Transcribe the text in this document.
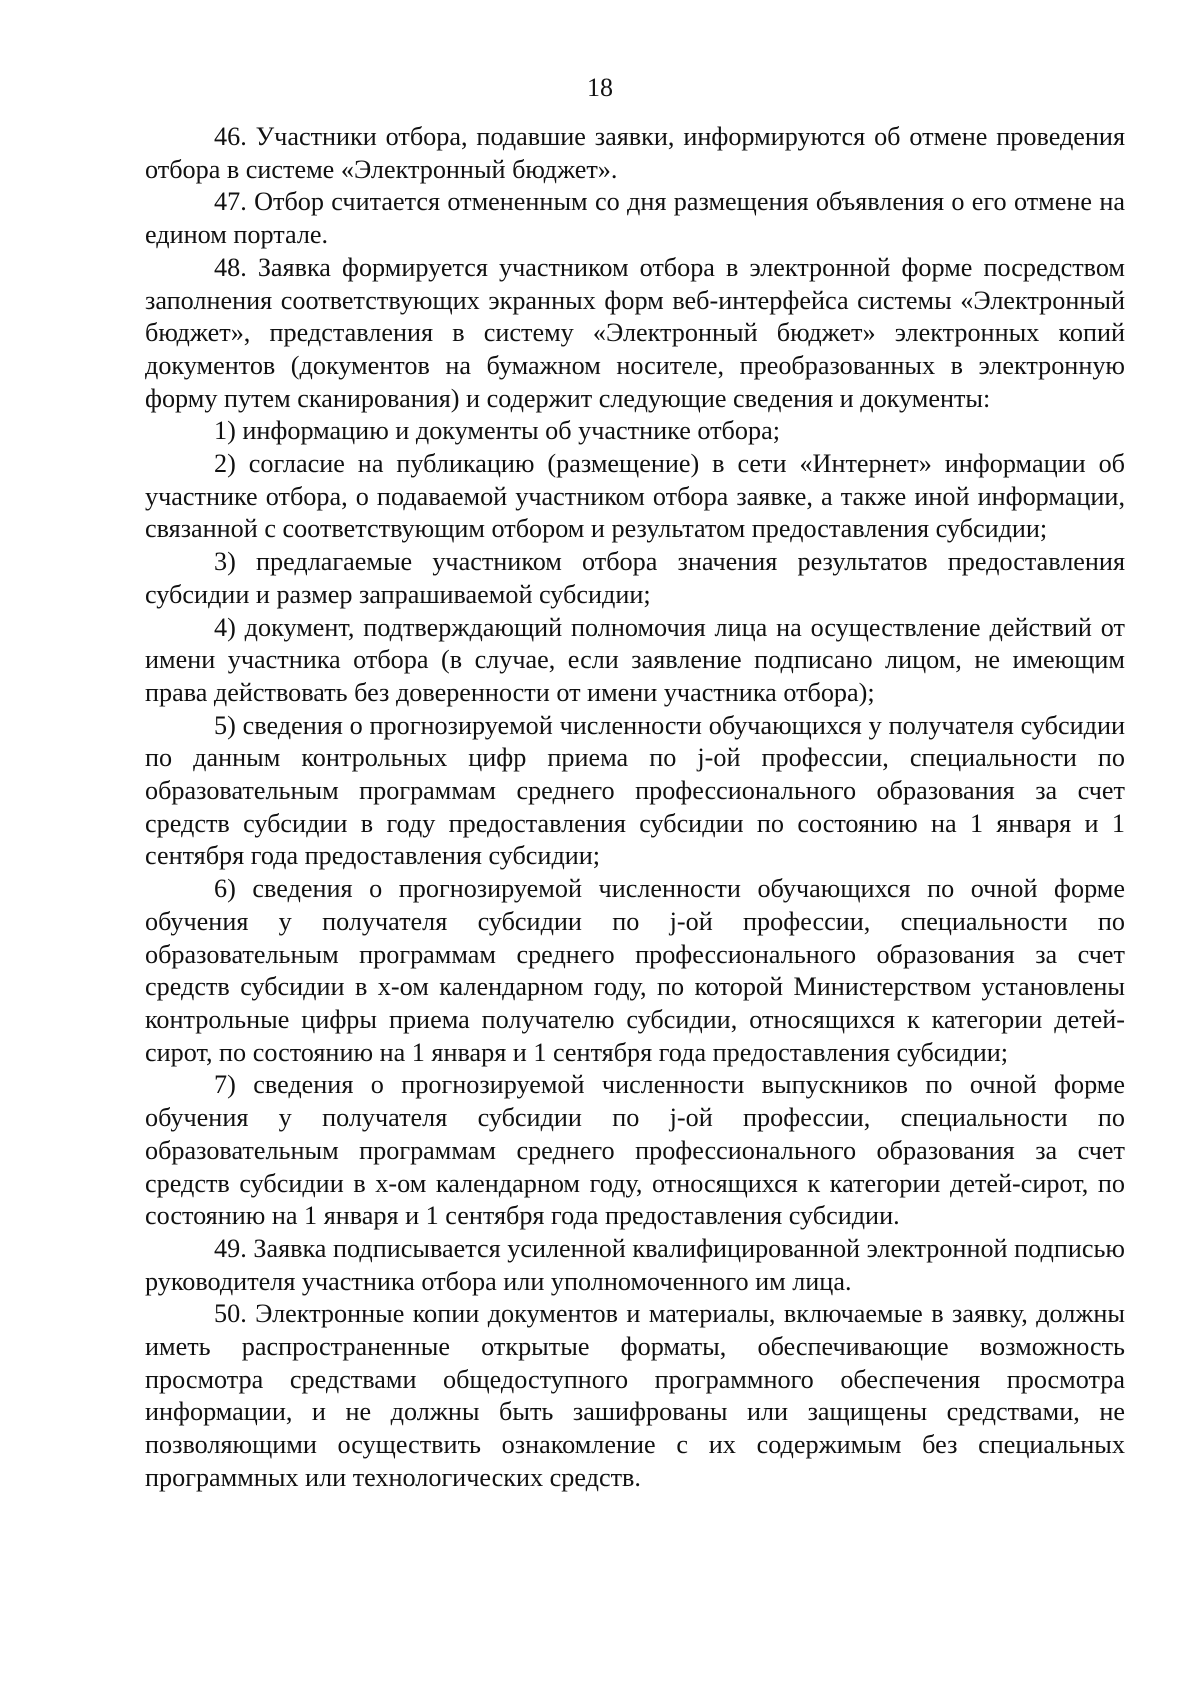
18

46. Участники отбора, подавшие заявки, информируются об отмене проведения отбора в системе «Электронный бюджет».

47. Отбор считается отмененным со дня размещения объявления о его отмене на едином портале.

48. Заявка формируется участником отбора в электронной форме посредством заполнения соответствующих экранных форм веб-интерфейса системы «Электронный бюджет», представления в систему «Электронный бюджет» электронных копий документов (документов на бумажном носителе, преобразованных в электронную форму путем сканирования) и содержит следующие сведения и документы:

1) информацию и документы об участнике отбора;

2) согласие на публикацию (размещение) в сети «Интернет» информации об участнике отбора, о подаваемой участником отбора заявке, а также иной информации, связанной с соответствующим отбором и результатом предоставления субсидии;

3) предлагаемые участником отбора значения результатов предоставления субсидии и размер запрашиваемой субсидии;

4) документ, подтверждающий полномочия лица на осуществление действий от имени участника отбора (в случае, если заявление подписано лицом, не имеющим права действовать без доверенности от имени участника отбора);

5) сведения о прогнозируемой численности обучающихся у получателя субсидии по данным контрольных цифр приема по j-ой профессии, специальности по образовательным программам среднего профессионального образования за счет средств субсидии в году предоставления субсидии по состоянию на 1 января и 1 сентября года предоставления субсидии;

6) сведения о прогнозируемой численности обучающихся по очной форме обучения у получателя субсидии по j-ой профессии, специальности по образовательным программам среднего профессионального образования за счет средств субсидии в x-ом календарном году, по которой Министерством установлены контрольные цифры приема получателю субсидии, относящихся к категории детей-сирот, по состоянию на 1 января и 1 сентября года предоставления субсидии;

7) сведения о прогнозируемой численности выпускников по очной форме обучения у получателя субсидии по j-ой профессии, специальности по образовательным программам среднего профессионального образования за счет средств субсидии в x-ом календарном году, относящихся к категории детей-сирот, по состоянию на 1 января и 1 сентября года предоставления субсидии.

49. Заявка подписывается усиленной квалифицированной электронной подписью руководителя участника отбора или уполномоченного им лица.

50. Электронные копии документов и материалы, включаемые в заявку, должны иметь распространенные открытые форматы, обеспечивающие возможность просмотра средствами общедоступного программного обеспечения просмотра информации, и не должны быть зашифрованы или защищены средствами, не позволяющими осуществить ознакомление с их содержимым без специальных программных или технологических средств.
